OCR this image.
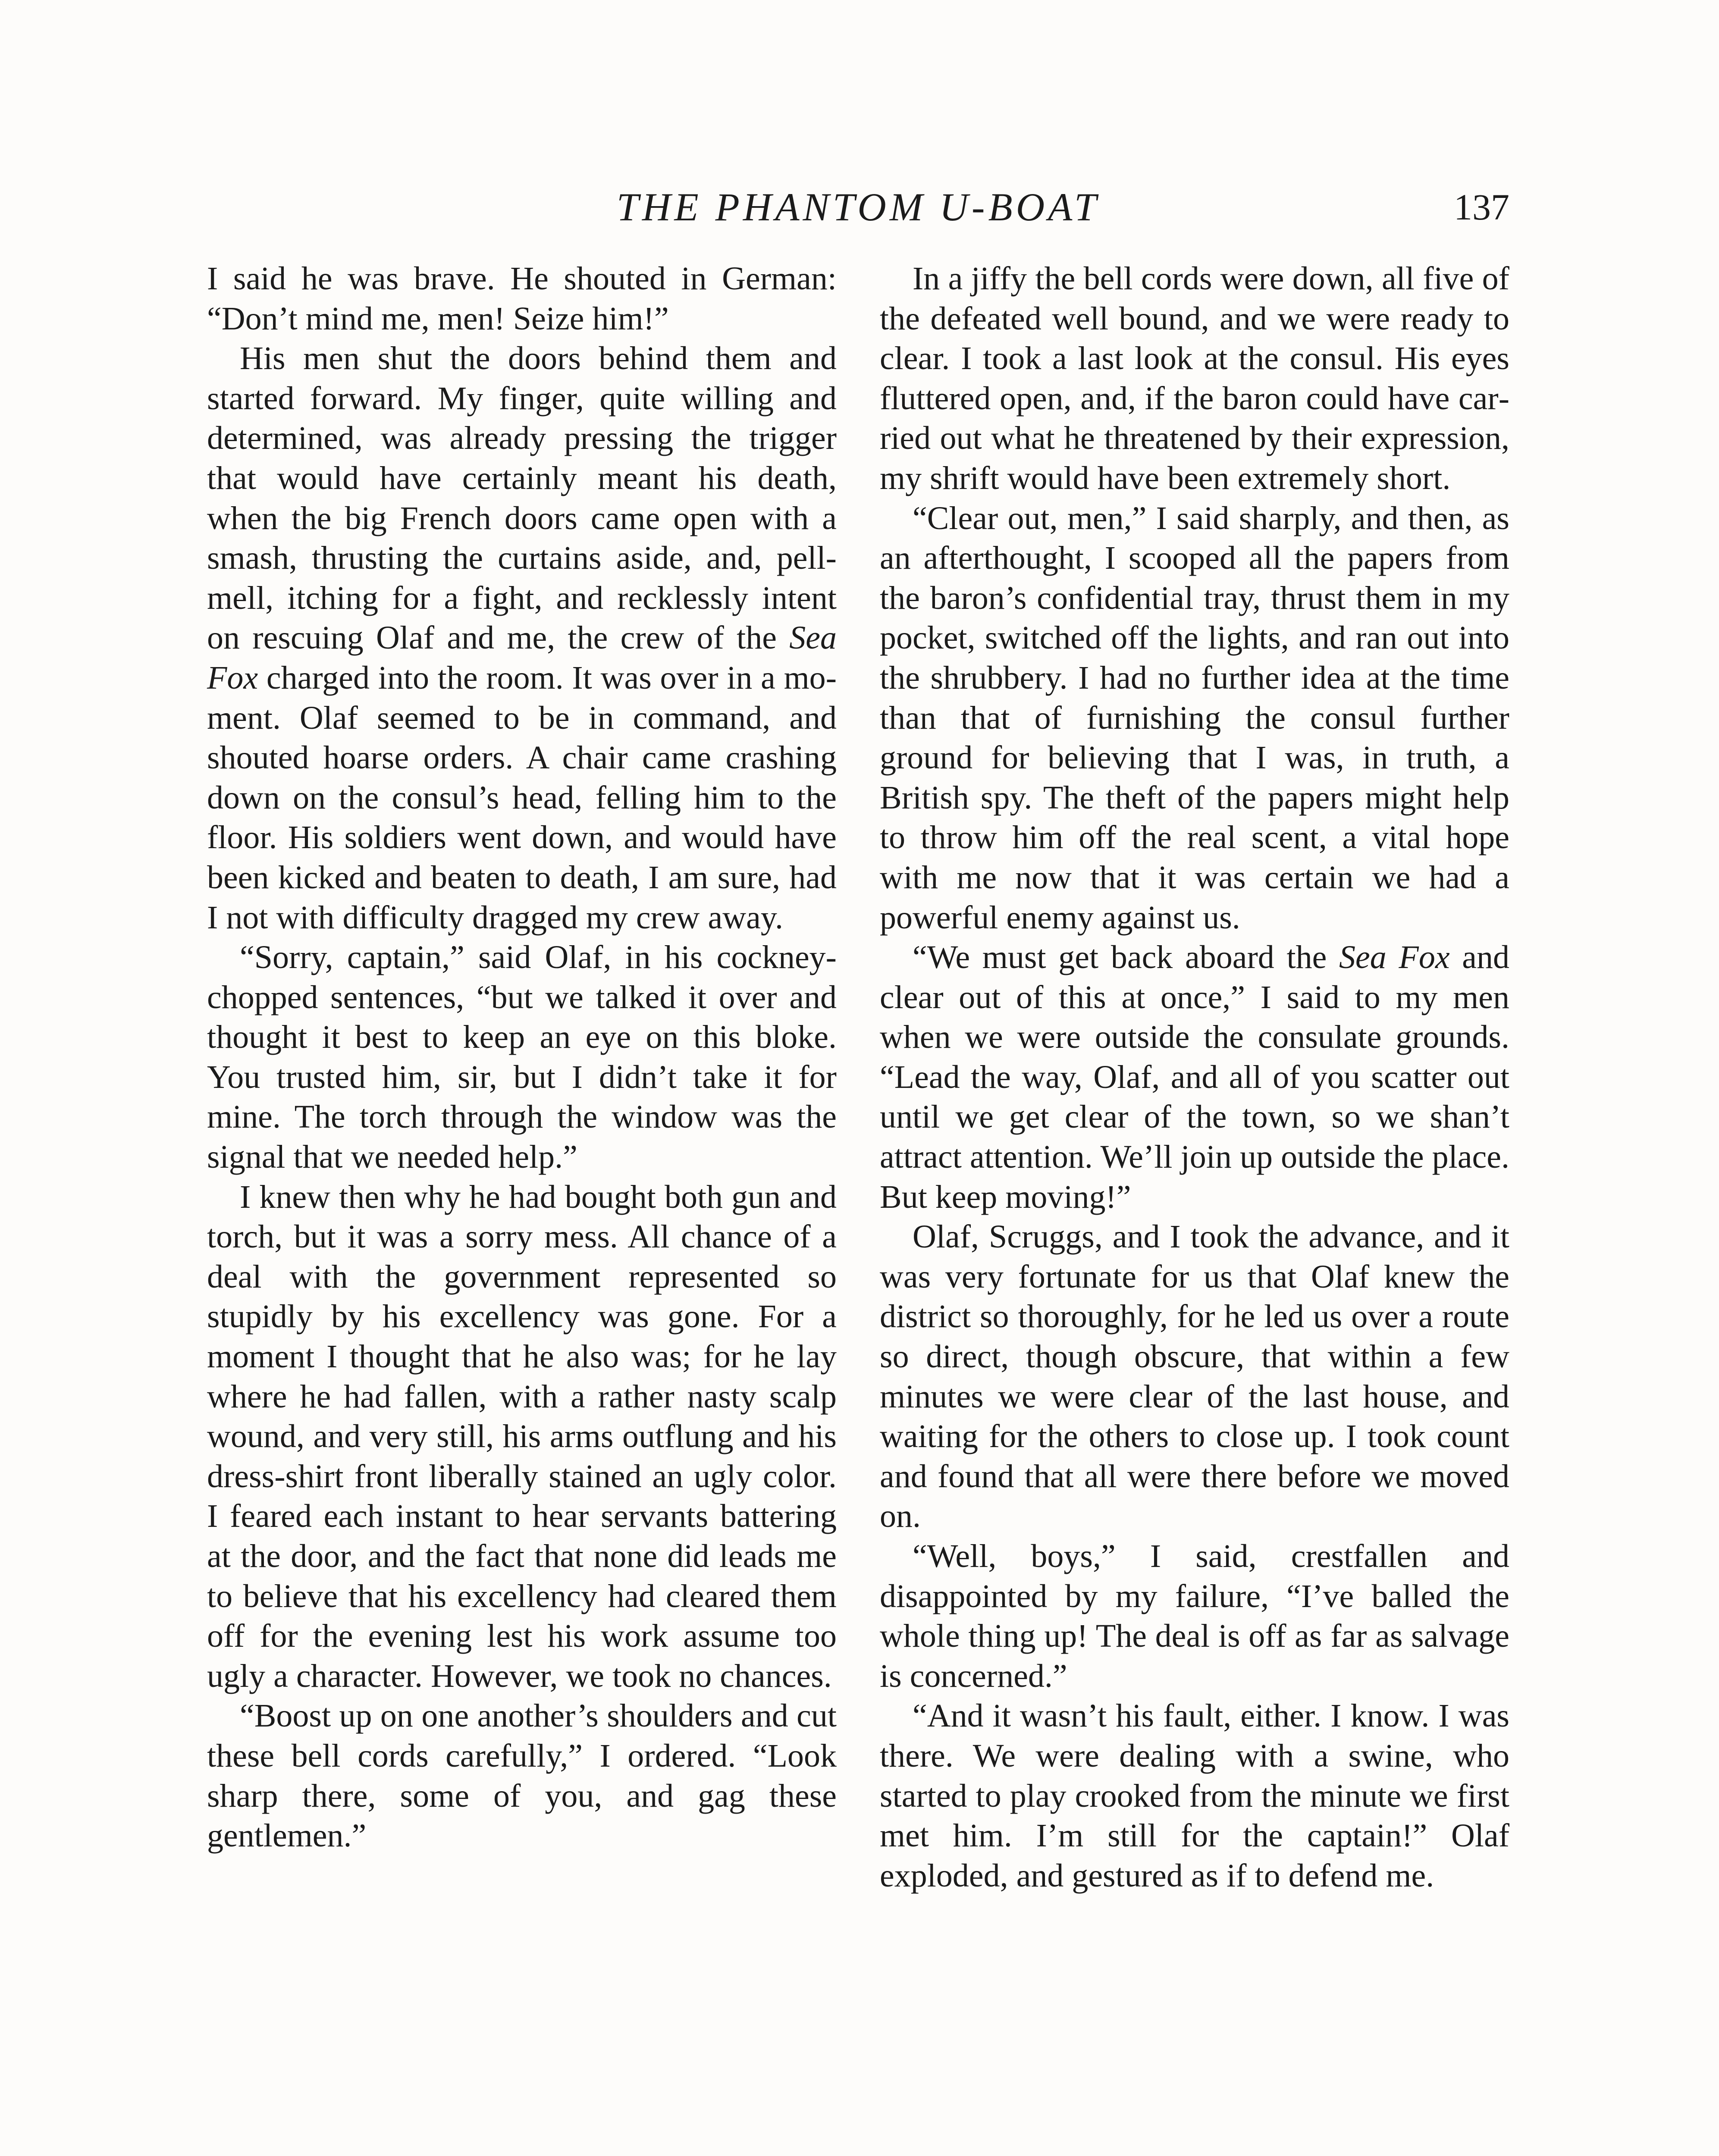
THE PHANTOM U-BOAT	137

I said he was brave. He shouted in German: “Don’t mind me, men! Seize him!”

His men shut the doors behind them and started forward. My finger, quite willing and determined, was already pressing the trigger that would have certainly meant his death, when the big French doors came open with a smash, thrusting the curtains aside, and, pell-mell, itching for a fight, and recklessly intent on rescuing Olaf and me, the crew of the Sea Fox charged into the room. It was over in a moment. Olaf seemed to be in command, and shouted hoarse orders. A chair came crashing down on the consul’s head, felling him to the floor. His soldiers went down, and would have been kicked and beaten to death, I am sure, had I not with difficulty dragged my crew away.

“Sorry, captain,” said Olaf, in his cockney-chopped sentences, “but we talked it over and thought it best to keep an eye on this bloke. You trusted him, sir, but I didn’t take it for mine. The torch through the window was the signal that we needed help.”

I knew then why he had bought both gun and torch, but it was a sorry mess. All chance of a deal with the government represented so stupidly by his excellency was gone. For a moment I thought that he also was; for he lay where he had fallen, with a rather nasty scalp wound, and very still, his arms outflung and his dress-shirt front liberally stained an ugly color. I feared each instant to hear servants battering at the door, and the fact that none did leads me to believe that his excellency had cleared them off for the evening lest his work assume too ugly a character. However, we took no chances.

“Boost up on one another’s shoulders and cut these bell cords carefully,” I ordered. “Look sharp there, some of you, and gag these gentlemen.”

In a jiffy the bell cords were down, all five of the defeated well bound, and we were ready to clear. I took a last look at the consul. His eyes fluttered open, and, if the baron could have carried out what he threatened by their expression, my shrift would have been extremely short.

“Clear out, men,” I said sharply, and then, as an afterthought, I scooped all the papers from the baron’s confidential tray, thrust them in my pocket, switched off the lights, and ran out into the shrubbery. I had no further idea at the time than that of furnishing the consul further ground for believing that I was, in truth, a British spy. The theft of the papers might help to throw him off the real scent, a vital hope with me now that it was certain we had a powerful enemy against us.

“We must get back aboard the Sea Fox and clear out of this at once,” I said to my men when we were outside the consulate grounds. “Lead the way, Olaf, and all of you scatter out until we get clear of the town, so we shan’t attract attention. We’ll join up outside the place. But keep moving!”

Olaf, Scruggs, and I took the advance, and it was very fortunate for us that Olaf knew the district so thoroughly, for he led us over a route so direct, though obscure, that within a few minutes we were clear of the last house, and waiting for the others to close up. I took count and found that all were there before we moved on.

“Well, boys,” I said, crestfallen and disappointed by my failure, “I’ve balled the whole thing up! The deal is off as far as salvage is concerned.”

“And it wasn’t his fault, either. I know. I was there. We were dealing with a swine, who started to play crooked from the minute we first met him. I’m still for the captain!” Olaf exploded, and gestured as if to defend me.
